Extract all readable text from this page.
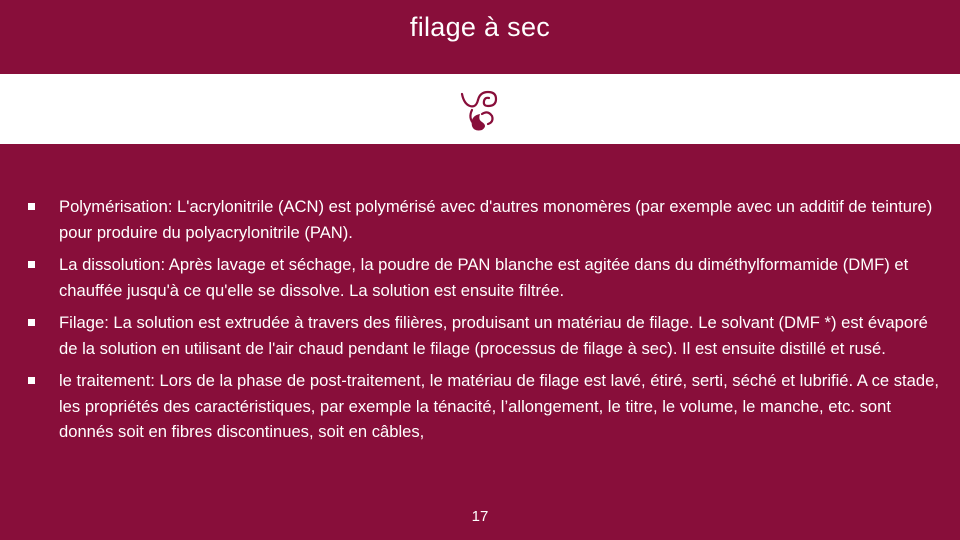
filage à sec
Polymérisation: L'acrylonitrile (ACN) est polymérisé avec d'autres monomères (par exemple avec un additif de teinture) pour produire du polyacrylonitrile (PAN).
La dissolution: Après lavage et séchage, la poudre de PAN blanche est agitée dans du diméthylformamide (DMF) et chauffée jusqu'à ce qu'elle se dissolve. La solution est ensuite filtrée.
Filage: La solution est extrudée à travers des filières, produisant un matériau de filage. Le solvant (DMF *) est évaporé de la solution en utilisant de l'air chaud pendant le filage (processus de filage à sec). Il est ensuite distillé et rusé.
le traitement: Lors de la phase de post-traitement, le matériau de filage est lavé, étiré, serti, séché et lubrifié. A ce stade, les propriétés des caractéristiques, par exemple la ténacité, l’allongement, le titre, le volume, le manche, etc. sont donnés soit en fibres discontinues, soit en câbles,
17
